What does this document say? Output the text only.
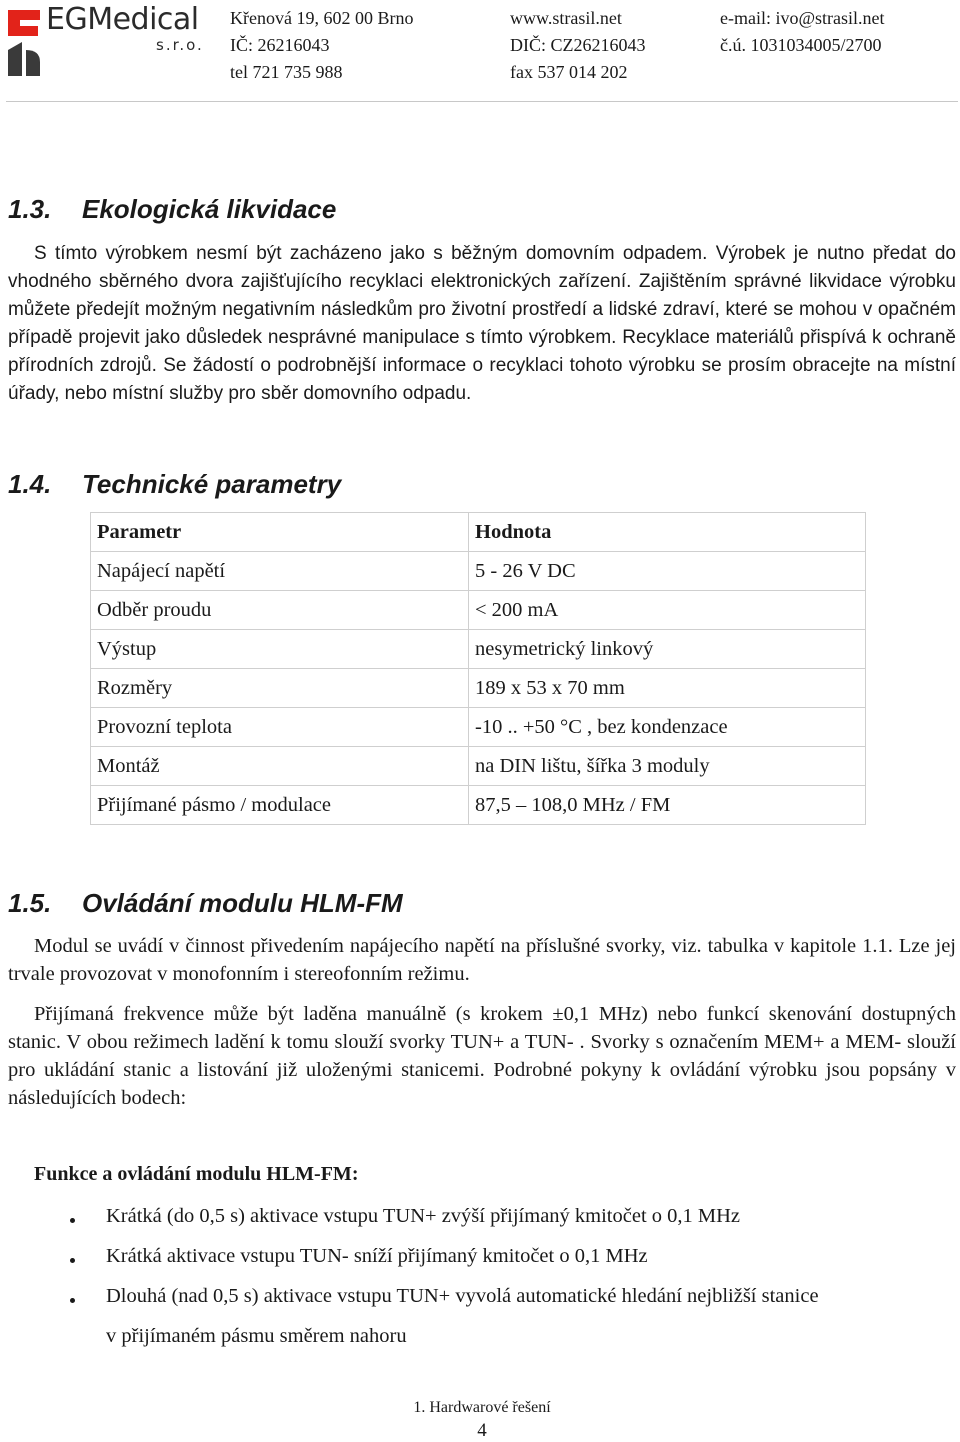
EGMedical
s.r.o.
Křenová 19, 602 00 Brno
IČ: 26216043
tel 721 735 988
www.strasil.net
DIČ: CZ26216043
fax 537 014 202
e-mail: ivo@strasil.net
č.ú. 1031034005/2700
1.3. Ekologická likvidace
S tímto výrobkem nesmí být zacházeno jako s běžným domovním odpadem. Výrobek je nutno předat do vhodného sběrného dvora zajišťujícího recyklaci elektronických zařízení. Zajištěním správné likvidace výrobku můžete předejít možným negativním následkům pro životní prostředí a lidské zdraví, které se mohou v opačném případě projevit jako důsledek nesprávné manipulace s tímto výrobkem. Recyklace materiálů přispívá k ochraně přírodních zdrojů. Se žádostí o podrobnější informace o recyklaci tohoto výrobku se prosím obracejte na místní úřady, nebo místní služby pro sběr domovního odpadu.
1.4. Technické parametry
Parametr	Hodnota
Napájecí napětí	5 - 26 V DC
Odběr proudu	< 200 mA
Výstup	nesymetrický linkový
Rozměry	189 x 53 x 70 mm
Provozní teplota	-10 .. +50 °C , bez kondenzace
Montáž	na DIN lištu, šířka 3 moduly
Přijímané pásmo / modulace	87,5 – 108,0 MHz / FM
1.5. Ovládání modulu HLM-FM
Modul se uvádí v činnost přivedením napájecího napětí na příslušné svorky, viz. tabulka v kapitole 1.1. Lze jej trvale provozovat v monofonním i stereofonním režimu.
Přijímaná frekvence může být laděna manuálně (s krokem ±0,1 MHz) nebo funkcí skenování dostupných stanic. V obou režimech ladění k tomu slouží svorky TUN+ a TUN- . Svorky s označením MEM+ a MEM- slouží pro ukládání stanic a listování již uloženými stanicemi. Podrobné pokyny k ovládání výrobku jsou popsány v následujících bodech:
Funkce a ovládání modulu HLM-FM:
Krátká (do 0,5 s) aktivace vstupu TUN+ zvýší přijímaný kmitočet o 0,1 MHz
Krátká aktivace vstupu TUN- sníží přijímaný kmitočet o 0,1 MHz
Dlouhá (nad 0,5 s) aktivace vstupu TUN+ vyvolá automatické hledání nejbližší stanice
v přijímaném pásmu směrem nahoru
1. Hardwarové řešení
4
